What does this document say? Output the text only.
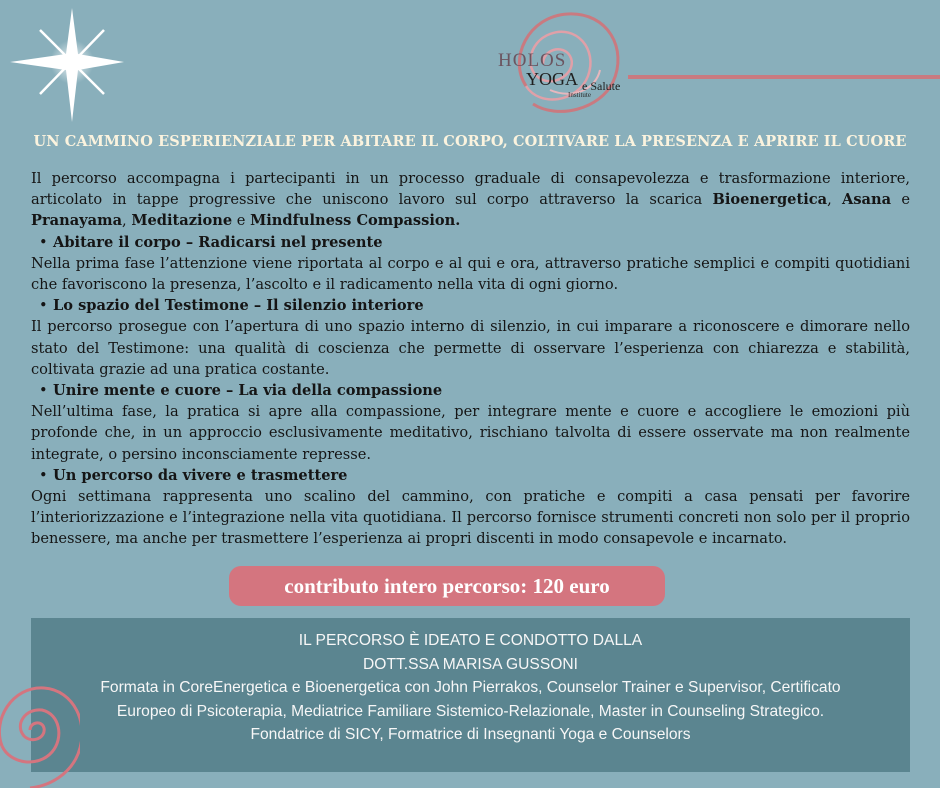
HOLOS
YOGA e Salute
Institute
UN CAMMINO ESPERIENZIALE PER ABITARE IL CORPO, COLTIVARE LA PRESENZA E APRIRE IL CUORE

Il percorso accompagna i partecipanti in un processo graduale di consapevolezza e trasformazione interiore, articolato in tappe progressive che uniscono lavoro sul corpo attraverso la scarica Bioenergetica, Asana e Pranayama, Meditazione e Mindfulness Compassion.

• Abitare il corpo – Radicarsi nel presente

Nella prima fase l’attenzione viene riportata al corpo e al qui e ora, attraverso pratiche semplici e compiti quotidiani che favoriscono la presenza, l’ascolto e il radicamento nella vita di ogni giorno.

• Lo spazio del Testimone – Il silenzio interiore

Il percorso prosegue con l’apertura di uno spazio interno di silenzio, in cui imparare a riconoscere e dimorare nello stato del Testimone: una qualità di coscienza che permette di osservare l’esperienza con chiarezza e stabilità, coltivata grazie ad una pratica costante.

• Unire mente e cuore – La via della compassione

Nell’ultima fase, la pratica si apre alla compassione, per integrare mente e cuore e accogliere le emozioni più profonde che, in un approccio esclusivamente meditativo, rischiano talvolta di essere osservate ma non realmente integrate, o persino inconsciamente represse.

• Un percorso da vivere e trasmettere

Ogni settimana rappresenta uno scalino del cammino, con pratiche e compiti a casa pensati per favorire l’interiorizzazione e l’integrazione nella vita quotidiana. Il percorso fornisce strumenti concreti non solo per il proprio benessere, ma anche per trasmettere l’esperienza ai propri discenti in modo consapevole e incarnato.

contributo intero percorso: 120 euro
IL PERCORSO È IDEATO E CONDOTTO DALLA
DOTT.SSA MARISA GUSSONI
Formata in CoreEnergetica e Bioenergetica con John Pierrakos, Counselor Trainer e Supervisor, Certificato
Europeo di Psicoterapia, Mediatrice Familiare Sistemico-Relazionale, Master in Counseling Strategico.
Fondatrice di SICY, Formatrice di Insegnanti Yoga e Counselors
